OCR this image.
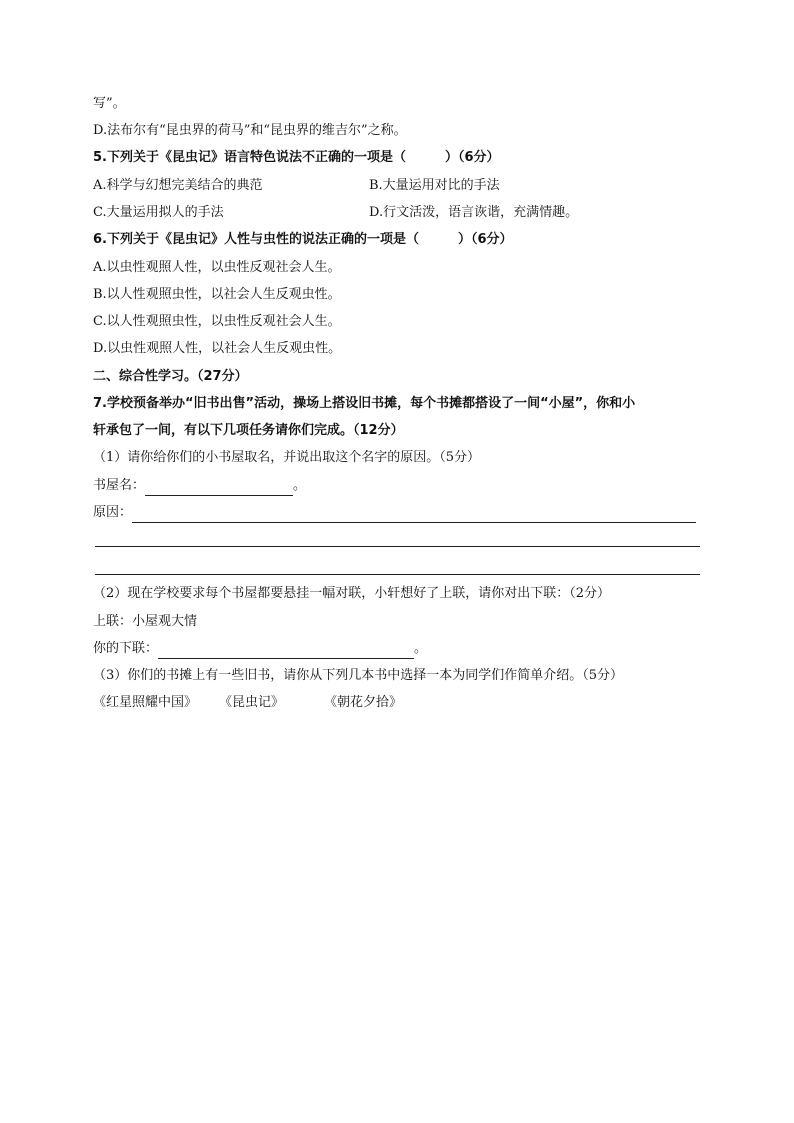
写”。
D.法布尔有“昆虫界的荷马”和“昆虫界的维吉尔”之称。
5.下列关于《昆虫记》语言特色说法不正确的一项是（　　　）（6分）
A.科学与幻想完美结合的典范	B.大量运用对比的手法
C.大量运用拟人的手法	D.行文活泼，语言诙谐，充满情趣。
6.下列关于《昆虫记》人性与虫性的说法正确的一项是（　　　）（6分）
A.以虫性观照人性，以虫性反观社会人生。
B.以人性观照虫性，以社会人生反观虫性。
C.以人性观照虫性，以虫性反观社会人生。
D.以虫性观照人性，以社会人生反观虫性。
二、综合性学习。（27分）
7.学校预备举办“旧书出售”活动，操场上搭设旧书摊，每个书摊都搭设了一间“小屋”，你和小
轩承包了一间，有以下几项任务请你们完成。（12分）
（1）请你给你们的小书屋取名，并说出取这个名字的原因。（5分）
书屋名：	。
原因：
（2）现在学校要求每个书屋都要悬挂一幅对联，小轩想好了上联，请你对出下联：（2分）
上联：小屋观大情
你的下联：	。
（3）你们的书摊上有一些旧书，请你从下列几本书中选择一本为同学们作简单介绍。（5分）
《红星照耀中国》 《昆虫记》	《朝花夕拾》
